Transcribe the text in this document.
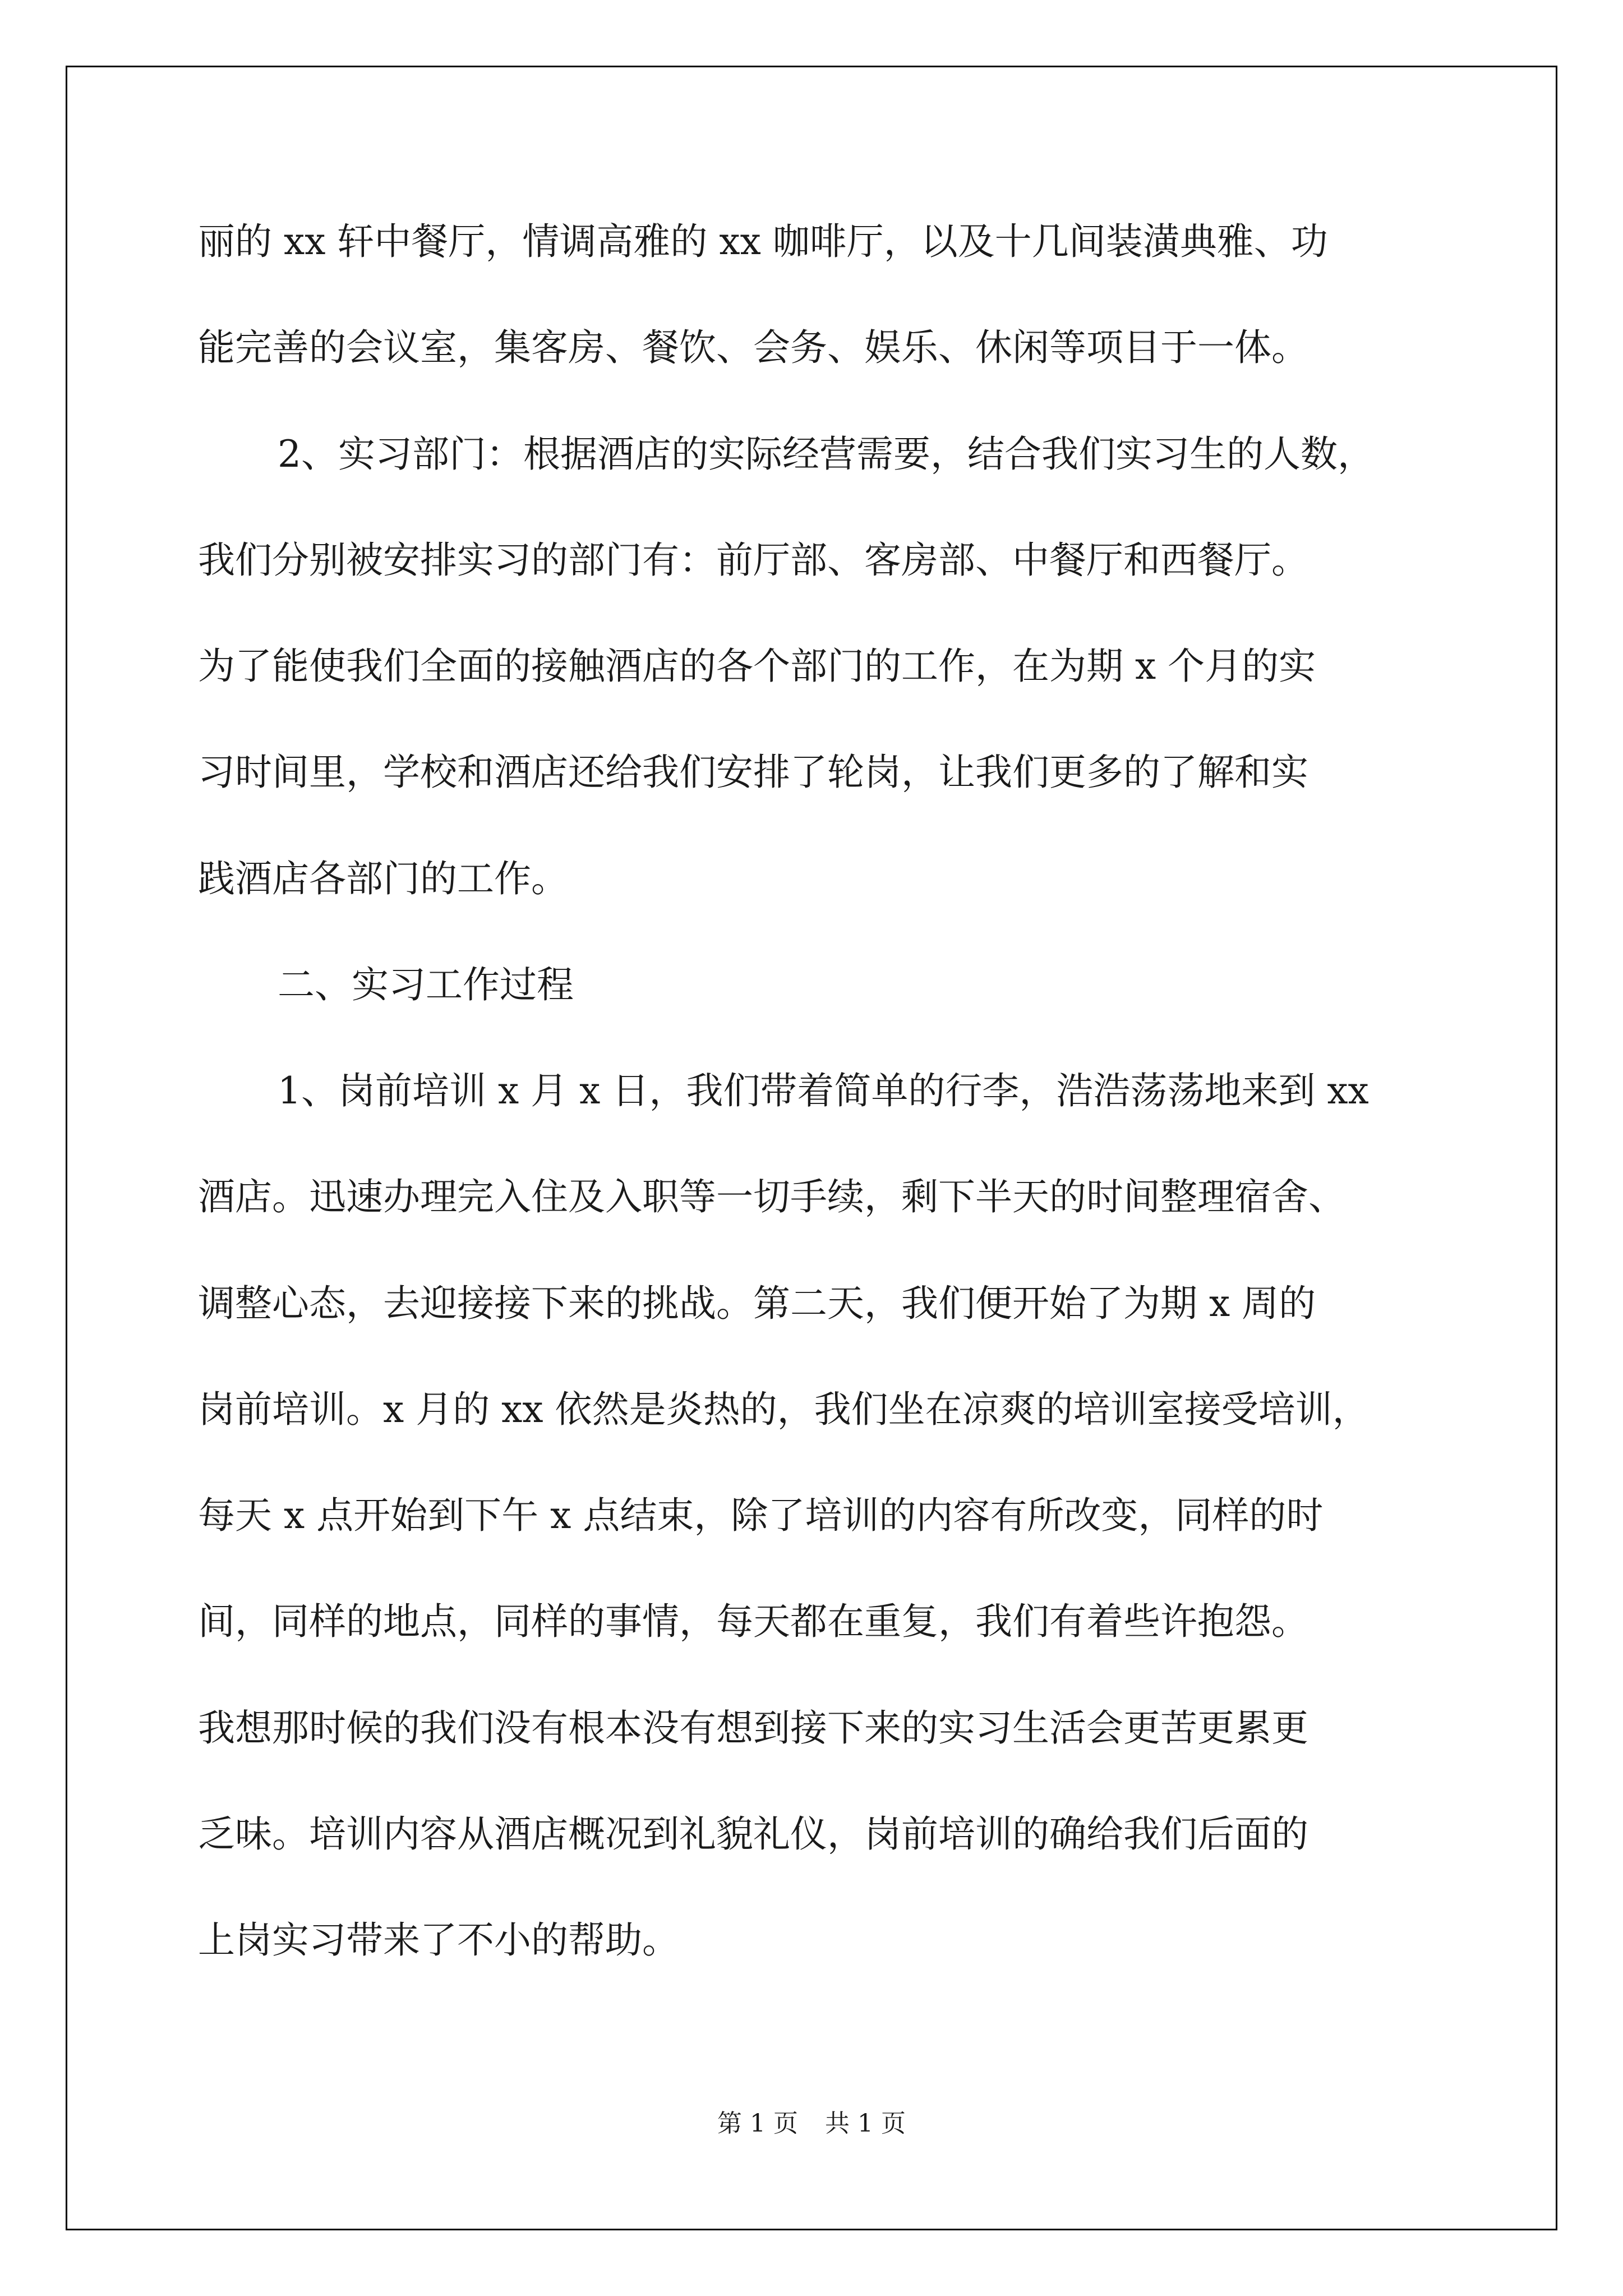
丽的 xx 轩中餐厅，情调高雅的 xx 咖啡厅，以及十几间装潢典雅、功
能完善的会议室，集客房、餐饮、会务、娱乐、休闲等项目于一体。
2、实习部门：根据酒店的实际经营需要，结合我们实习生的人数，
我们分别被安排实习的部门有：前厅部、客房部、中餐厅和西餐厅。
为了能使我们全面的接触酒店的各个部门的工作，在为期 x 个月的实
习时间里，学校和酒店还给我们安排了轮岗，让我们更多的了解和实
践酒店各部门的工作。
二、实习工作过程
1、岗前培训 x 月 x 日，我们带着简单的行李，浩浩荡荡地来到 xx
酒店。迅速办理完入住及入职等一切手续，剩下半天的时间整理宿舍、
调整心态，去迎接接下来的挑战。第二天，我们便开始了为期 x 周的
岗前培训。x 月的 xx 依然是炎热的，我们坐在凉爽的培训室接受培训，
每天 x 点开始到下午 x 点结束，除了培训的内容有所改变，同样的时
间，同样的地点，同样的事情，每天都在重复，我们有着些许抱怨。
我想那时候的我们没有根本没有想到接下来的实习生活会更苦更累更
乏味。培训内容从酒店概况到礼貌礼仪，岗前培训的确给我们后面的
上岗实习带来了不小的帮助。
第 1 页 共 1 页
